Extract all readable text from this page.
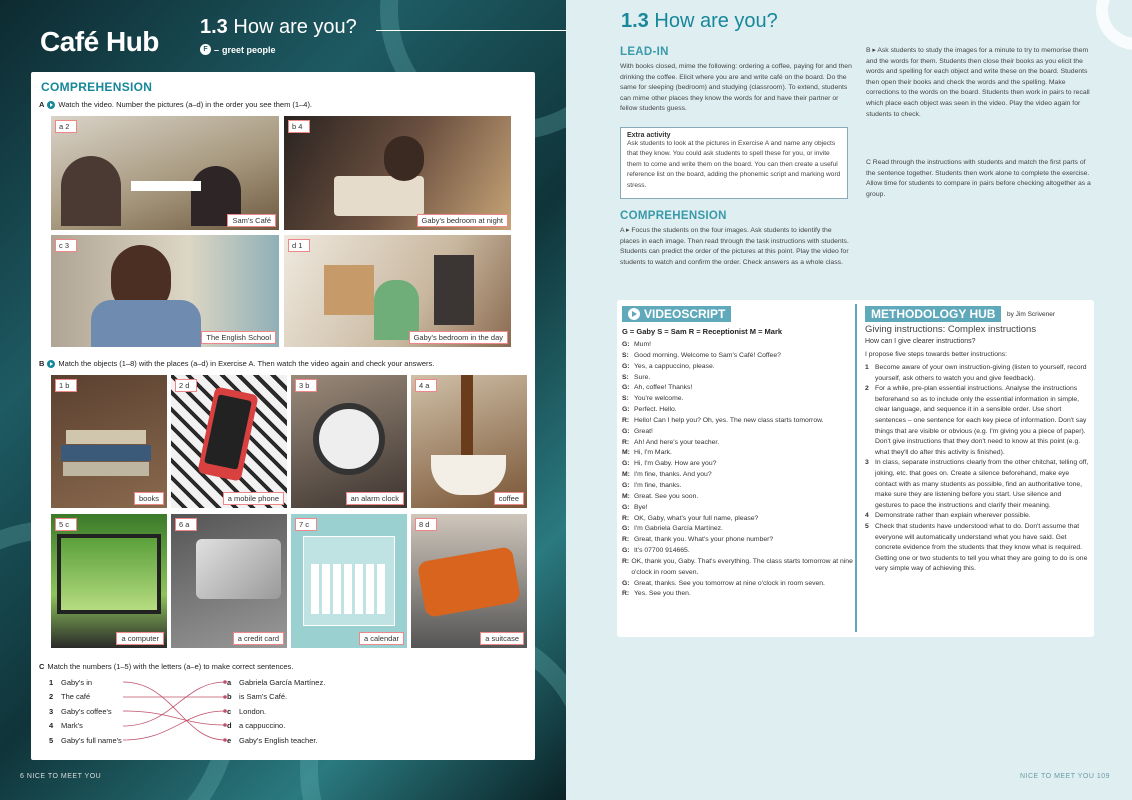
Café Hub 1.3 How are you?
F – greet people
COMPREHENSION
A Watch the video. Number the pictures (a–d) in the order you see them (1–4).
a 2
Sam's Café
b 4
Gaby's bedroom at night
c 3
The English School
d 1
Gaby's bedroom in the day
B Match the objects (1–8) with the places (a–d) in Exercise A. Then watch the video again and check your answers.
1 b
books
2 d
a mobile phone
3 b
an alarm clock
4 a
coffee
5 c
a computer
6 a
a credit card
7 c
a calendar
8 d
a suitcase
C Match the numbers (1–5) with the letters (a–e) to make correct sentences.
1	Gaby's in
2	The café
3	Gaby's coffee's
4	Mark's
5	Gaby's full name's
a	Gabriela García Martínez.
b is Sam's Café.
c	London.
d a cappuccino.
e	Gaby's English teacher.
6 NICE TO MEET YOU
1.3 How are you?
LEAD-IN
With books closed, mime the following: ordering a coffee, paying for and then drinking the coffee. Elicit where you are and write café on the board. Do the same for sleeping (bedroom) and studying (classroom). To extend, students can mime other places they know the words for and have their partner or fellow students guess.
Extra activity
Ask students to look at the pictures in Exercise A and name any objects that they know. You could ask students to spell these for you, or invite them to come and write them on the board. You can then create a useful reference list on the board, adding the phonemic script and marking word stress.
COMPREHENSION
A ▸ Focus the students on the four images. Ask students to identify the places in each image. Then read through the task instructions with students. Students can predict the order of the pictures at this point. Play the video for students to watch and confirm the order. Check answers as a whole class.
B ▸ Ask students to study the images for a minute to try to memorise them and the words for them. Students then close their books as you elicit the words and spelling for each object and write these on the board. Students then open their books and check the words and the spelling. Make corrections to the words on the board. Students then work in pairs to recall which place each object was seen in the video. Play the video again for students to check.
C Read through the instructions with students and match the first parts of the sentence together. Students then work alone to complete the exercise. Allow time for students to compare in pairs before checking altogether as a group.
VIDEOSCRIPT
G = Gaby S = Sam R = Receptionist M = Mark
G: Mum!
S: Good morning. Welcome to Sam's Café! Coffee?
G: Yes, a cappuccino, please.
S: Sure.
G: Ah, coffee! Thanks!
S: You're welcome.
G: Perfect. Hello.
R: Hello! Can I help you? Oh, yes. The new class starts tomorrow.
G: Great!
R: Ah! And here's your teacher.
M: Hi, I'm Mark.
G: Hi, I'm Gaby. How are you?
M: I'm fine, thanks. And you?
G: I'm fine, thanks.
M: Great. See you soon.
G: Bye!
R: OK, Gaby, what's your full name, please?
G: I'm Gabriela García Martínez.
R: Great, thank you. What's your phone number?
G: It's 07700 914665.
R: OK, thank you, Gaby. That's everything. The class starts tomorrow at nine o'clock in room seven.
G: Great, thanks. See you tomorrow at nine o'clock in room seven.
R: Yes. See you then.
METHODOLOGY HUB	by Jim Scrivener
Giving instructions: Complex instructions
How can I give clearer instructions?
I propose five steps towards better instructions:
1 Become aware of your own instruction-giving (listen to yourself, record yourself, ask others to watch you and give feedback).
2 For a while, pre-plan essential instructions. Analyse the instructions beforehand so as to include only the essential information in simple, clear language, and sequence it in a sensible order. Use short sentences – one sentence for each key piece of information. Don't say things that are visible or obvious (e.g. I'm giving you a piece of paper). Don't give instructions that they don't need to know at this point (e.g. what they'll do after this activity is finished).
3 In class, separate instructions clearly from the other chitchat, telling off, joking, etc. that goes on. Create a silence beforehand, make eye contact with as many students as possible, find an authoritative tone, make sure they are listening before you start. Use silence and gestures to pace the instructions and clarify their meaning.
4 Demonstrate rather than explain wherever possible.
5 Check that students have understood what to do. Don't assume that everyone will automatically understand what you have said. Get concrete evidence from the students that they know what is required. Getting one or two students to tell you what they are going to do is one very simple way of achieving this.
NICE TO MEET YOU 109
